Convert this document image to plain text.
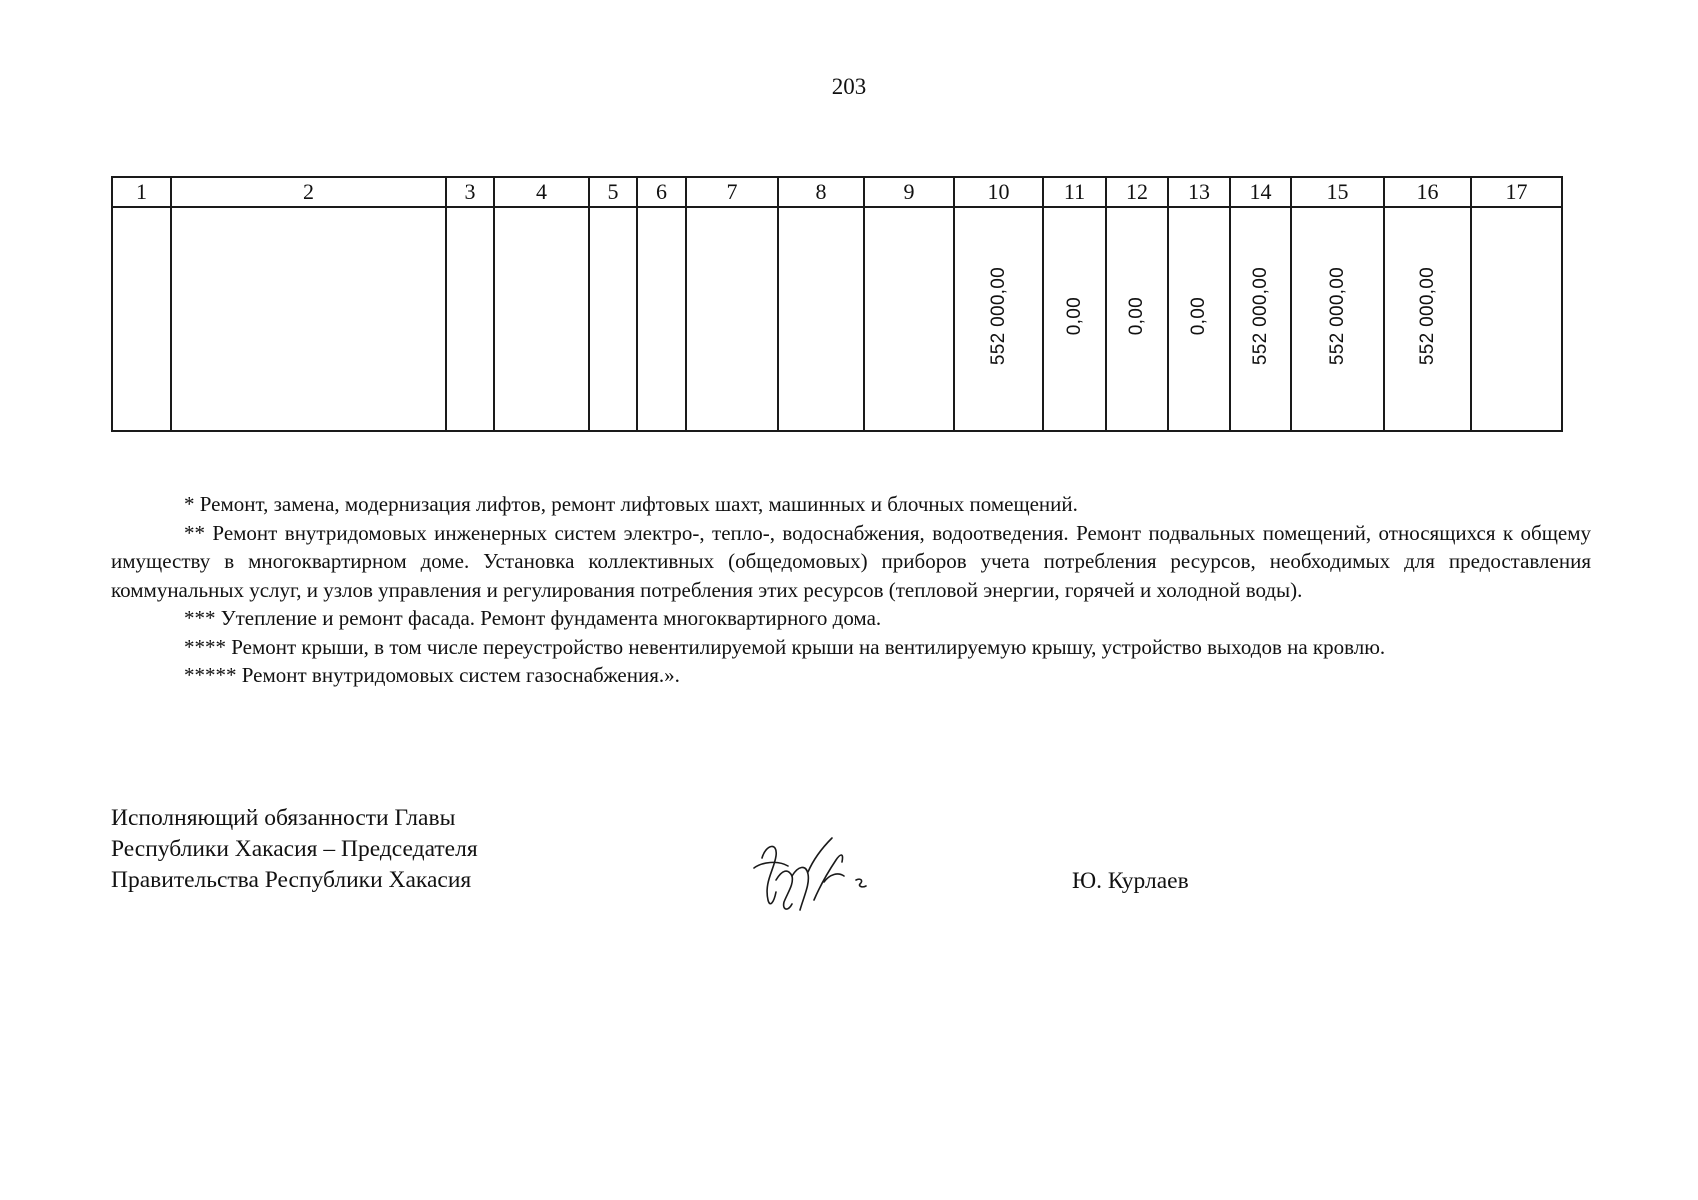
203
1	2	3	4	5	6	7	8	9	10	11	12	13	14	15	16	17
									552 000,00	0,00	0,00	0,00	552 000,00	552 000,00	552 000,00	

* Ремонт, замена, модернизация лифтов, ремонт лифтовых шахт, машинных и блочных помещений.

** Ремонт внутридомовых инженерных систем электро-, тепло-, водоснабжения, водоотведения. Ремонт подвальных помещений, относящихся к общему имуществу в многоквартирном доме. Установка коллективных (общедомовых) приборов учета потребления ресурсов, необходимых для предоставления коммунальных услуг, и узлов управления и регулирования потребления этих ресурсов (тепловой энергии, горячей и холодной воды).

*** Утепление и ремонт фасада. Ремонт фундамента многоквартирного дома.

**** Ремонт крыши, в том числе переустройство невентилируемой крыши на вентилируемую крышу, устройство выходов на кровлю.

***** Ремонт внутридомовых систем газоснабжения.».

Исполняющий обязанности Главы
Республики Хакасия – Председателя
Правительства Республики Хакасия	Ю. Курлаев
